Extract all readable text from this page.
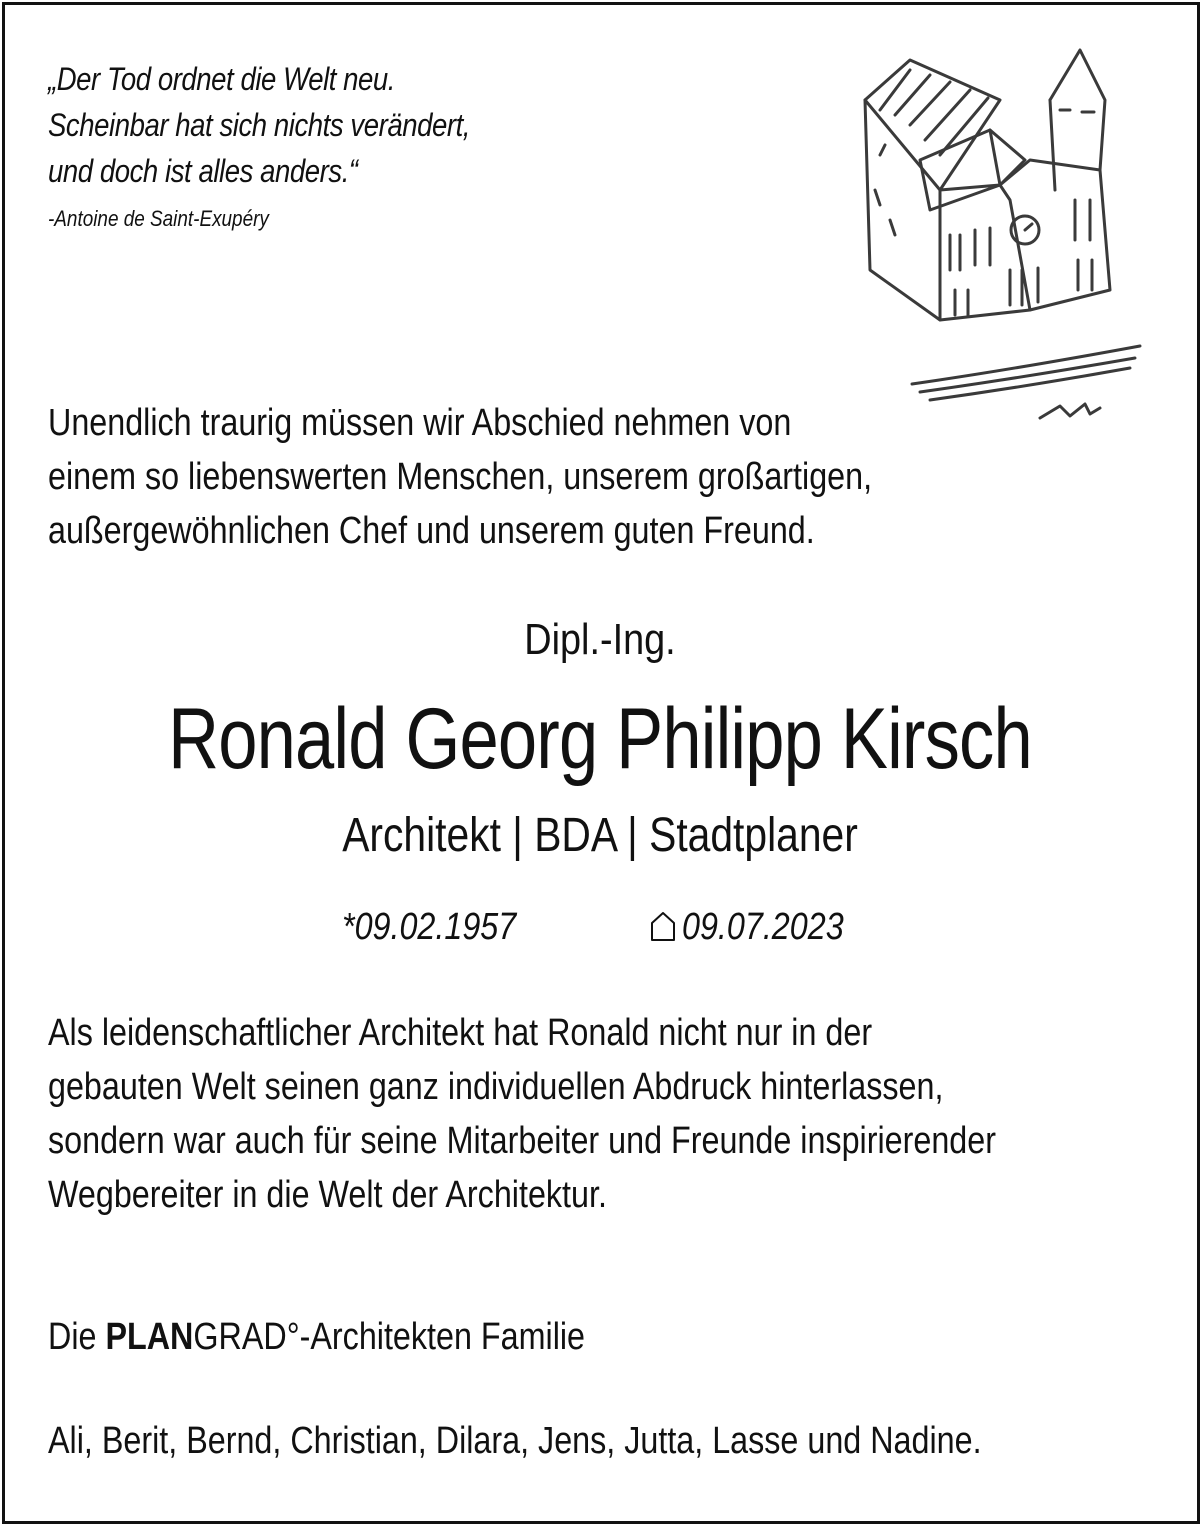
„Der Tod ordnet die Welt neu.
Scheinbar hat sich nichts verändert,
und doch ist alles anders.“
-Antoine de Saint-Exupéry
Unendlich traurig müssen wir Abschied nehmen von
einem so liebenswerten Menschen, unserem großartigen,
außergewöhnlichen Chef und unserem guten Freund.
Dipl.-Ing.
Ronald Georg Philipp Kirsch
Architekt | BDA | Stadtplaner
*09.02.1957	09.07.2023
Als leidenschaftlicher Architekt hat Ronald nicht nur in der
gebauten Welt seinen ganz individuellen Abdruck hinterlassen,
sondern war auch für seine Mitarbeiter und Freunde inspirierender
Wegbereiter in die Welt der Architektur.
Die PLANGRAD°-Architekten Familie
Ali, Berit, Bernd, Christian, Dilara, Jens, Jutta, Lasse und Nadine.
